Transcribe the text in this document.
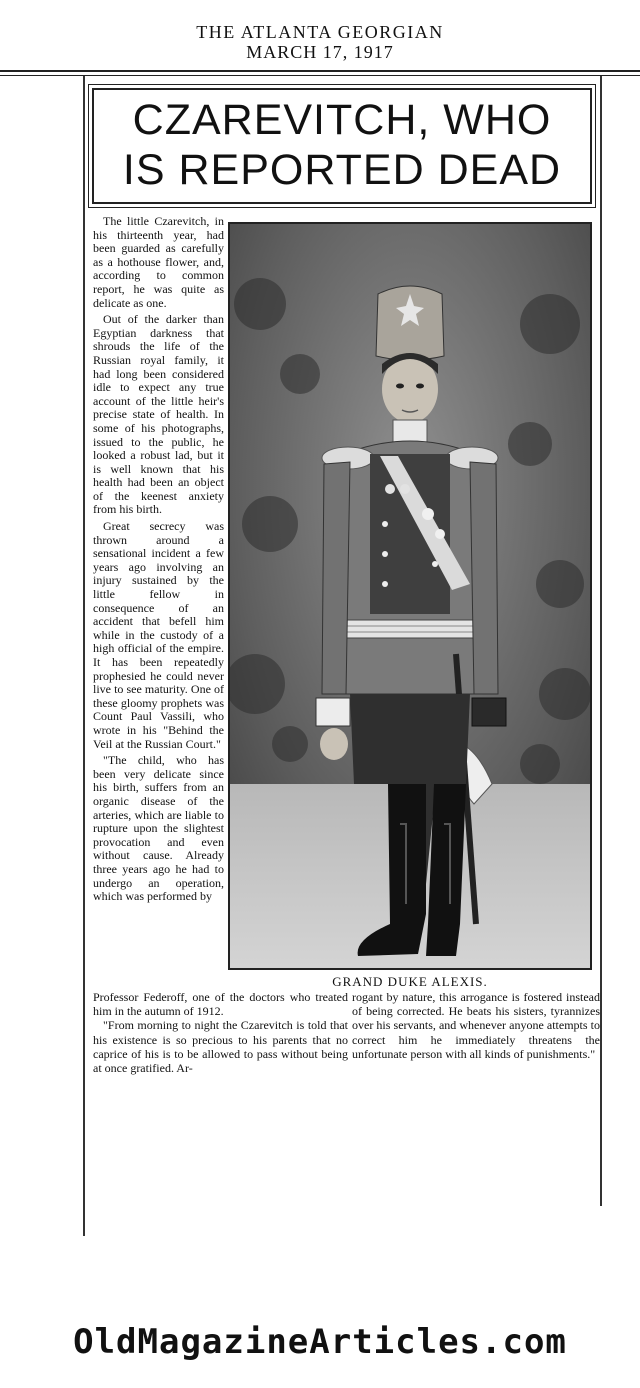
THE ATLANTA GEORGIAN
MARCH 17, 1917
CZAREVITCH, WHO
IS REPORTED DEAD

The little Czarevitch, in his thirteenth year, had been guarded as carefully as a hothouse flower, and, according to common report, he was quite as delicate as one.

Out of the darker than Egyptian darkness that shrouds the life of the Russian royal family, it had long been considered idle to expect any true account of the little heir's precise state of health. In some of his photographs, issued to the public, he looked a robust lad, but it is well known that his health had been an object of the keenest anxiety from his birth.

Great secrecy was thrown around a sensational incident a few years ago involving an injury sustained by the little fellow in consequence of an accident that befell him while in the custody of a high official of the empire. It has been repeatedly prophesied he could never live to see maturity. One of these gloomy prophets was Count Paul Vassili, who wrote in his "Behind the Veil at the Russian Court."

"The child, who has been very delicate since his birth, suffers from an organic disease of the arteries, which are liable to rupture upon the slightest provocation and even without cause. Already three years ago he had to undergo an operation, which was performed by

GRAND DUKE ALEXIS.

Professor Federoff, one of the doctors who treated him in the autumn of 1912.

"From morning to night the Czarevitch is told that his existence is so precious to his parents that no caprice of his is to be allowed to pass without being at once gratified. Ar-

rogant by nature, this arrogance is fostered instead of being corrected. He beats his sisters, tyrannizes over his servants, and whenever anyone attempts to correct him he immediately threatens the unfortunate person with all kinds of punishments."

OldMagazineArticles.com
